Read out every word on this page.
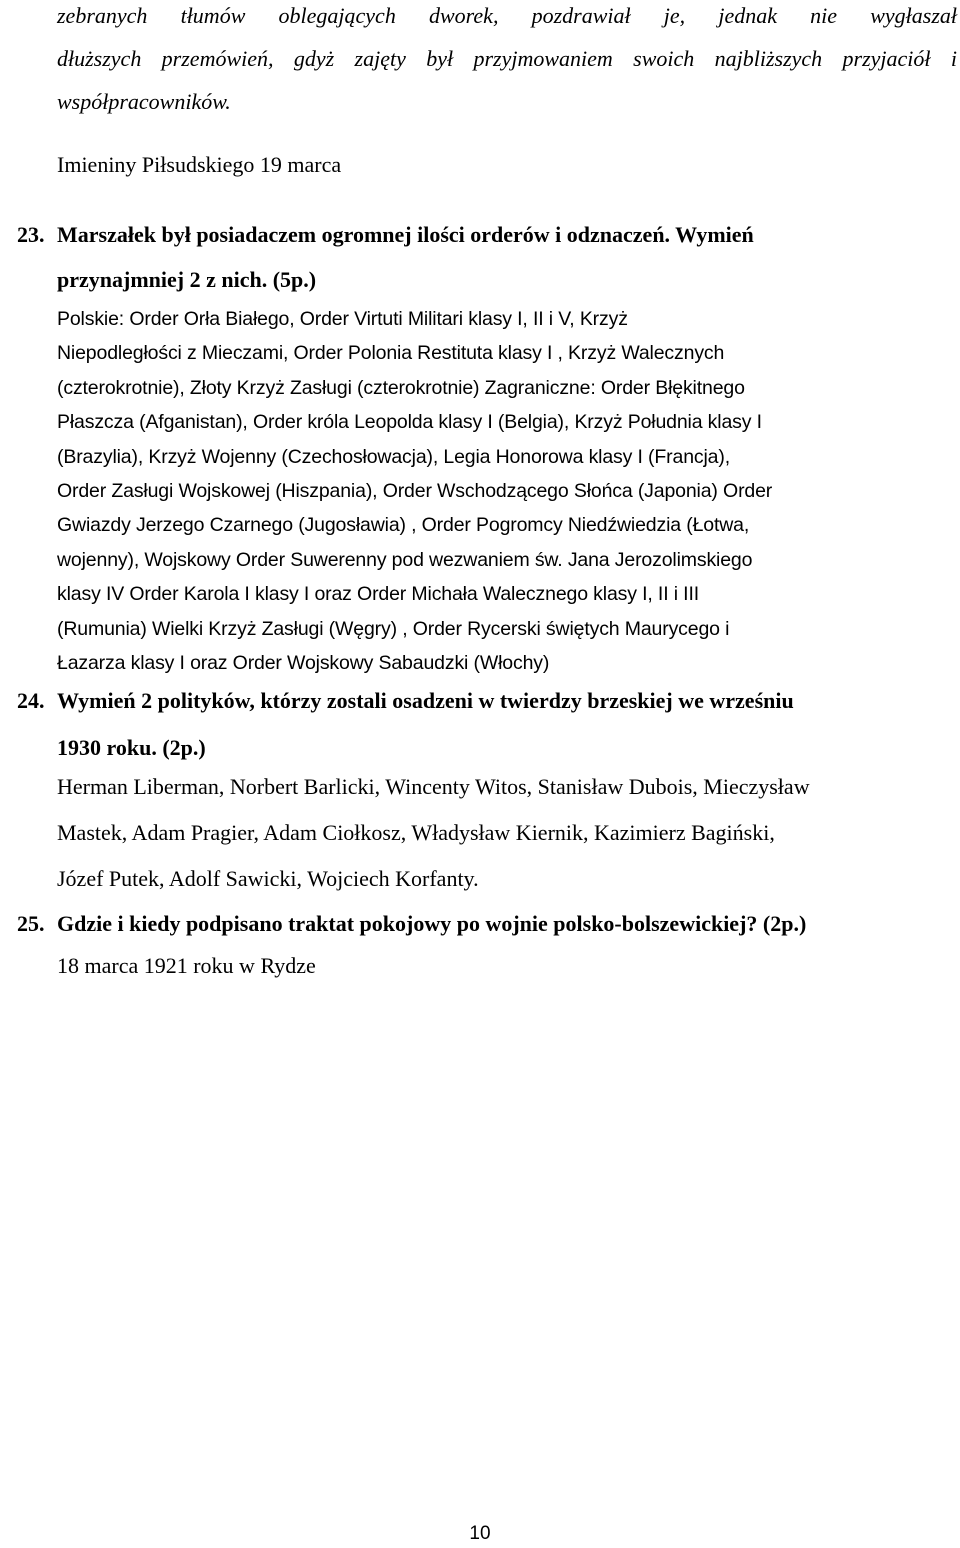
zebranych tłumów oblegających dworek, pozdrawiał je, jednak nie wygłaszał
dłuższych przemówień, gdyż zajęty był przyjmowaniem swoich najbliższych przyjaciół i
współpracowników.
Imieniny Piłsudskiego 19 marca
23. Marszałek był posiadaczem ogromnej ilości orderów i odznaczeń. Wymień
przynajmniej 2 z nich. (5p.)
Polskie: Order Orła Białego, Order Virtuti Militari klasy I, II i V, Krzyż
Niepodległości z Mieczami, Order Polonia Restituta klasy I , Krzyż Walecznych
(czterokrotnie), Złoty Krzyż Zasługi (czterokrotnie) Zagraniczne: Order Błękitnego
Płaszcza (Afganistan), Order króla Leopolda klasy I (Belgia), Krzyż Południa klasy I
(Brazylia), Krzyż Wojenny (Czechosłowacja), Legia Honorowa klasy I (Francja),
Order Zasługi Wojskowej (Hiszpania), Order Wschodzącego Słońca (Japonia) Order
Gwiazdy Jerzego Czarnego (Jugosławia) , Order Pogromcy Niedźwiedzia (Łotwa,
wojenny), Wojskowy Order Suwerenny pod wezwaniem św. Jana Jerozolimskiego
klasy IV Order Karola I klasy I oraz Order Michała Walecznego klasy I, II i III
(Rumunia) Wielki Krzyż Zasługi (Węgry) , Order Rycerski świętych Maurycego i
Łazarza klasy I oraz Order Wojskowy Sabaudzki (Włochy)
24. Wymień 2 polityków, którzy zostali osadzeni w twierdzy brzeskiej we wrześniu
1930 roku. (2p.)
Herman Liberman, Norbert Barlicki, Wincenty Witos, Stanisław Dubois, Mieczysław
Mastek, Adam Pragier, Adam Ciołkosz, Władysław Kiernik, Kazimierz Bagiński,
Józef Putek, Adolf Sawicki, Wojciech Korfanty.
25. Gdzie i kiedy podpisano traktat pokojowy po wojnie polsko-bolszewickiej? (2p.)
18 marca 1921 roku w Rydze
10
